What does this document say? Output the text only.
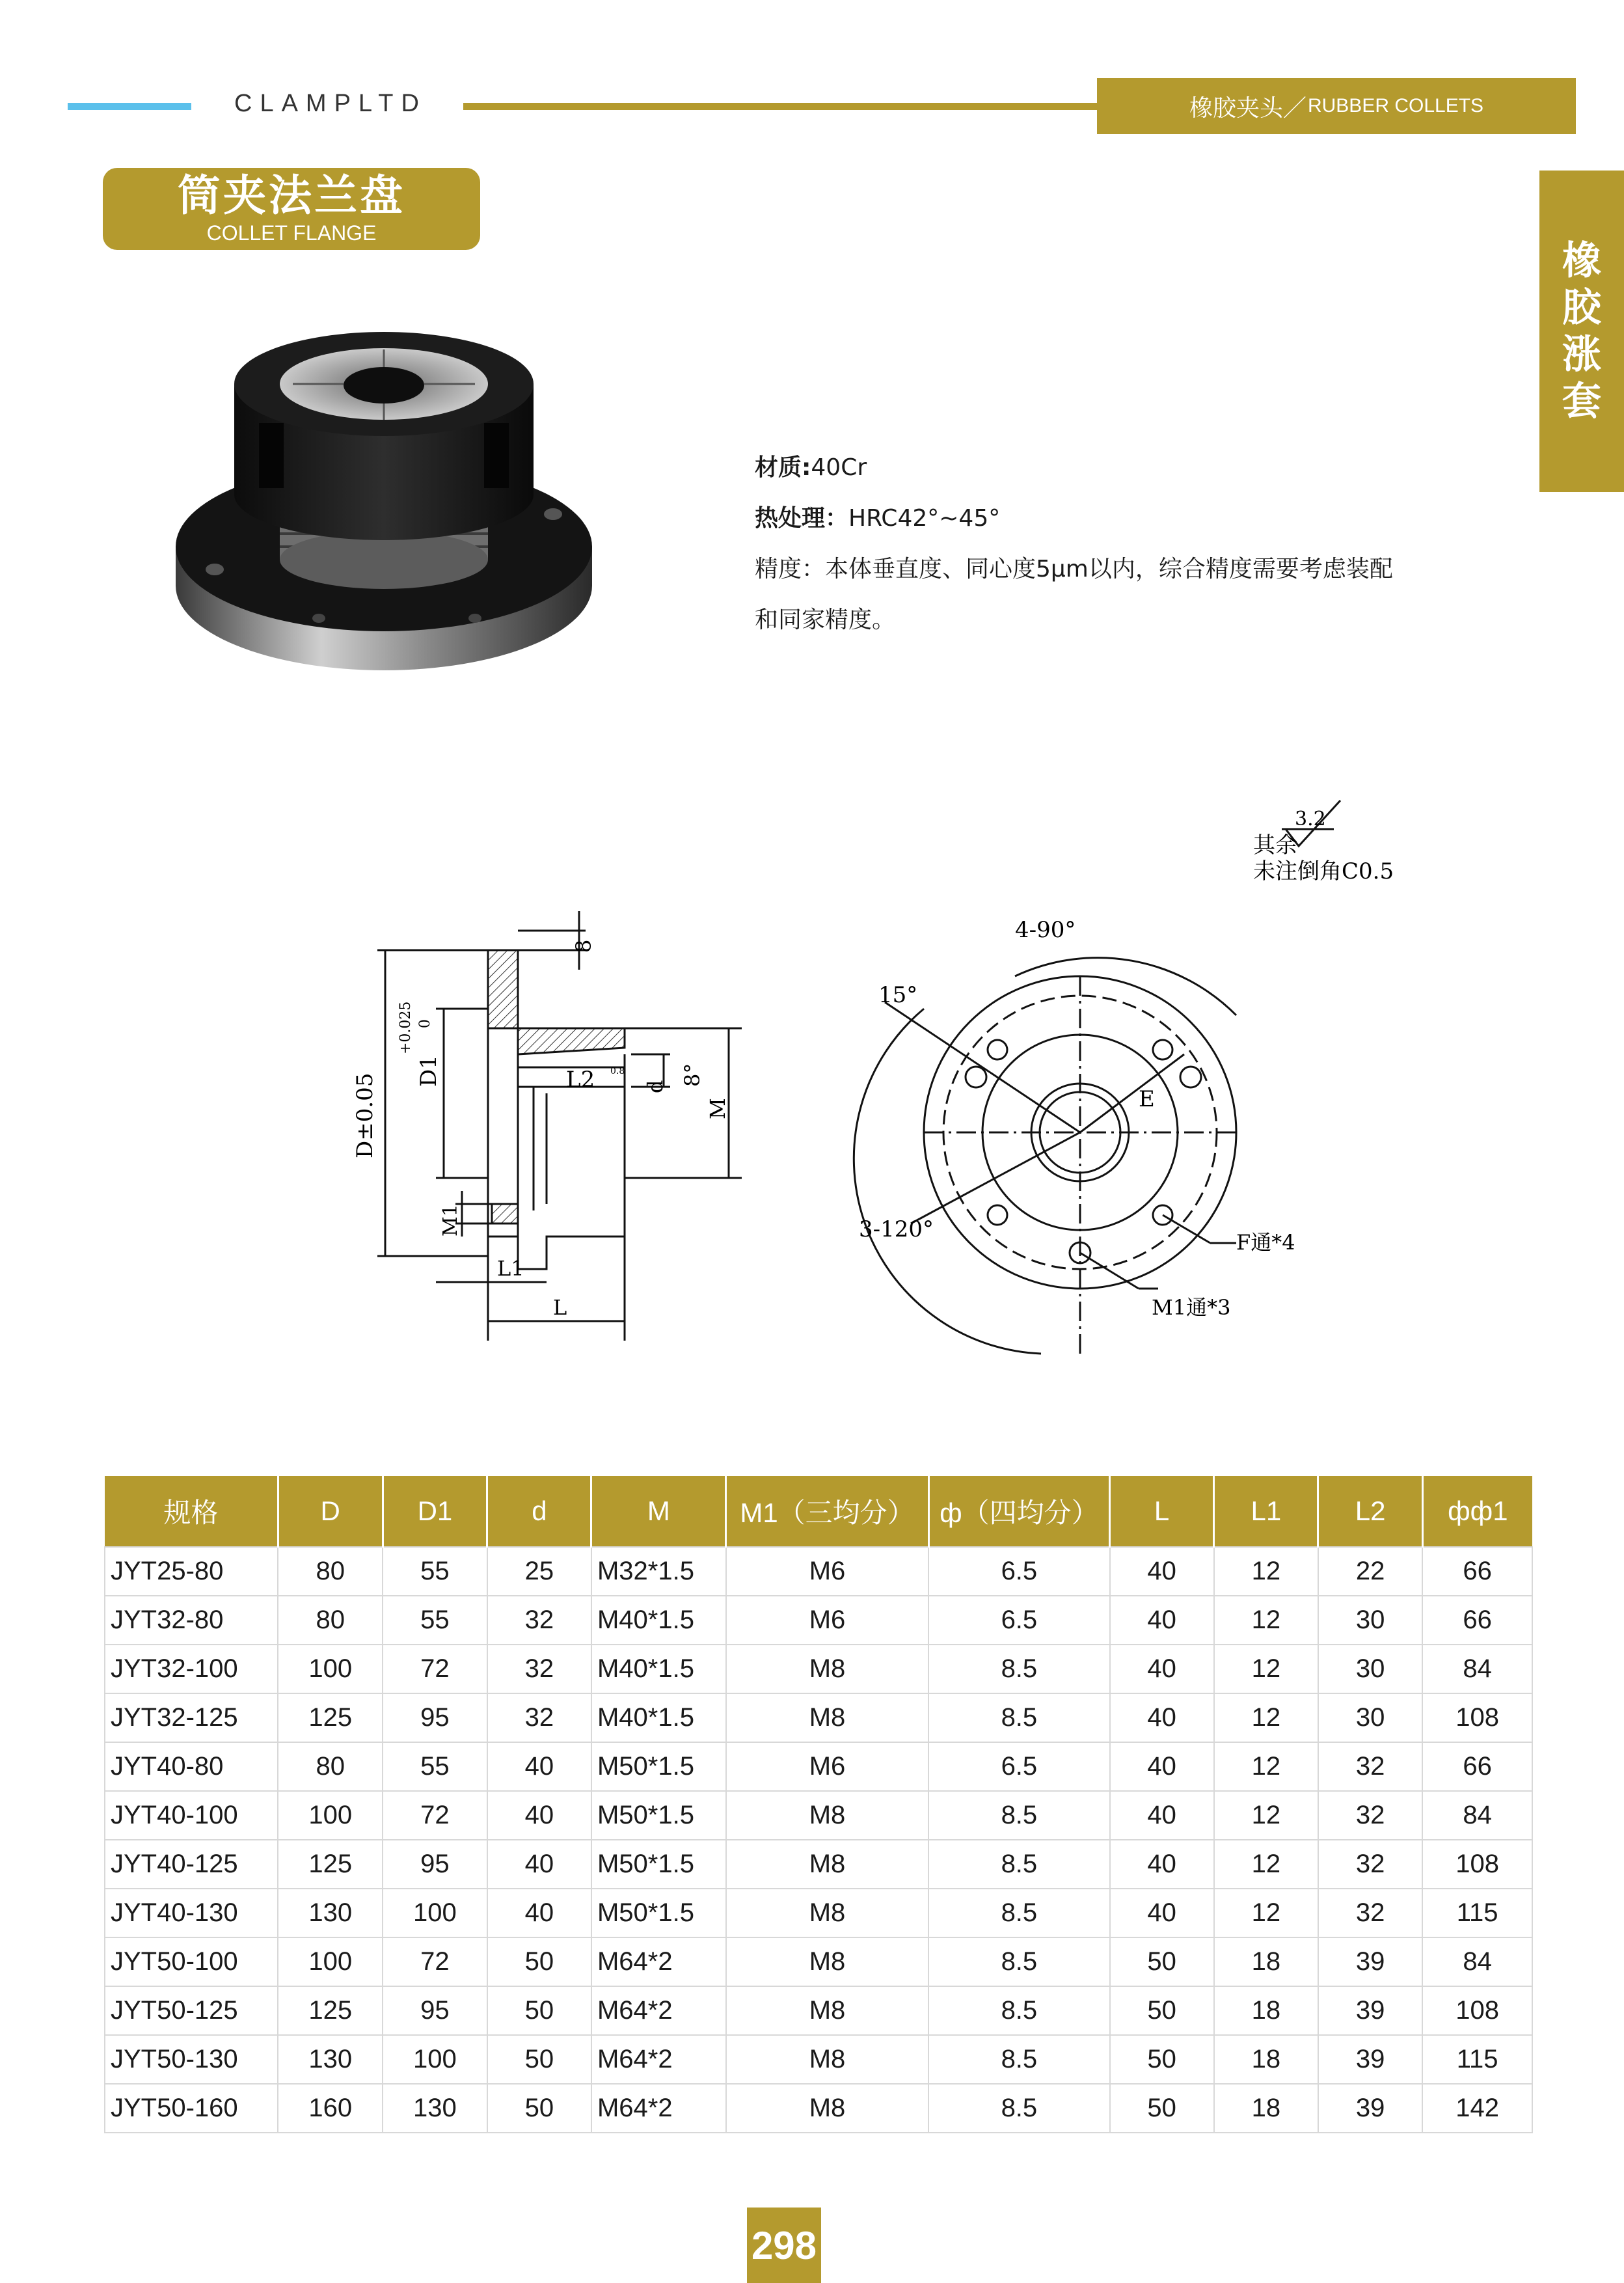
CLAMPLTD	橡胶夹头／ RUBBER COLLETS
橡
胶
涨
套
筒夹法兰盘
COLLET FLANGE
材质:40Cr
热处理：HRC42°~45°
精度：本体垂直度、同心度5μm以内，综合精度需要考虑装配
和同家精度。
3.2
其余
未注倒角C0.5
D±0.05
D1
+0.025 0
8
L2 0.8
d 8°
M
M1
L1
L
4-90°
15°
3-120°
E
F通*4
M1通*3
规格	D	D1	d	M	M1（三均分）	ф（四均分）	L	L1	L2	фф1
JYT25-80	80	55	25	M32*1.5	M6	6.5	40	12	22	66
JYT32-80	80	55	32	M40*1.5	M6	6.5	40	12	30	66
JYT32-100	100	72	32	M40*1.5	M8	8.5	40	12	30	84
JYT32-125	125	95	32	M40*1.5	M8	8.5	40	12	30	108
JYT40-80	80	55	40	M50*1.5	M6	6.5	40	12	32	66
JYT40-100	100	72	40	M50*1.5	M8	8.5	40	12	32	84
JYT40-125	125	95	40	M50*1.5	M8	8.5	40	12	32	108
JYT40-130	130	100	40	M50*1.5	M8	8.5	40	12	32	115
JYT50-100	100	72	50	M64*2	M8	8.5	50	18	39	84
JYT50-125	125	95	50	M64*2	M8	8.5	50	18	39	108
JYT50-130	130	100	50	M64*2	M8	8.5	50	18	39	115
JYT50-160	160	130	50	M64*2	M8	8.5	50	18	39	142
298
